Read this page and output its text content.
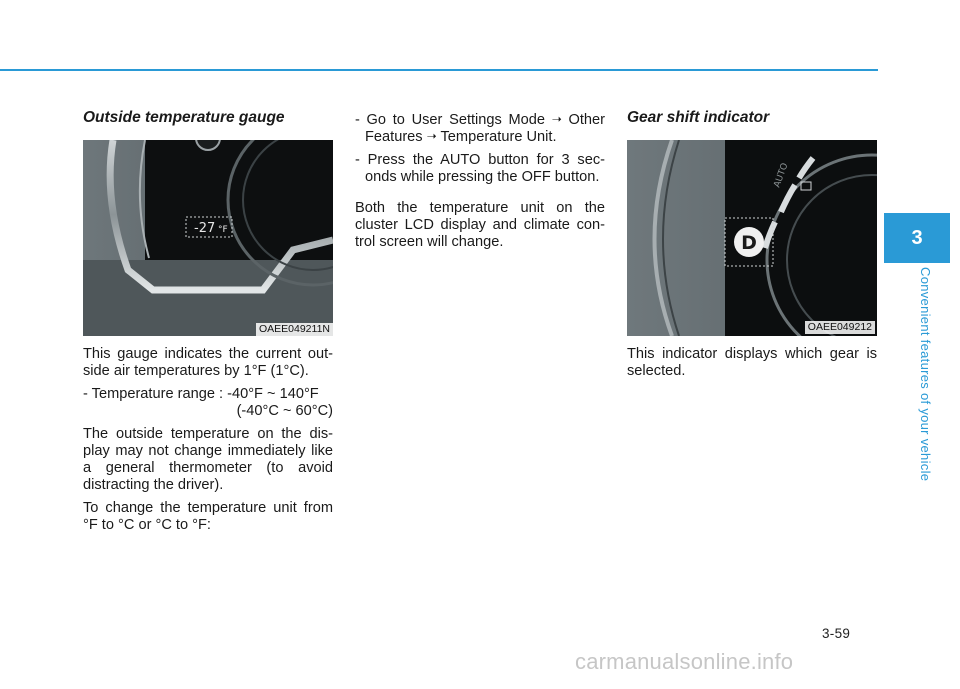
Outside temperature gauge
-27 °F
OAEE049211N

This gauge indicates the current out-side air temperatures by 1°F (1°C).

- Temperature range : -40°F ~ 140°F

(-40°C ~ 60°C)

The outside temperature on the dis-play may not change immediately like a general thermometer (to avoid distracting the driver).

To change the temperature unit from °F to °C or °C to °F:

- Go to User Settings Mode ➝ Other Features ➝ Temperature Unit.

- Press the AUTO button for 3 sec-onds while pressing the OFF button.

Both the temperature unit on the cluster LCD display and climate con-trol screen will change.

Gear shift indicator
AUTO
D
OAEE049212

This indicator displays which gear is selected.

3
Convenient features of your vehicle
3-59
carmanualsonline.info
